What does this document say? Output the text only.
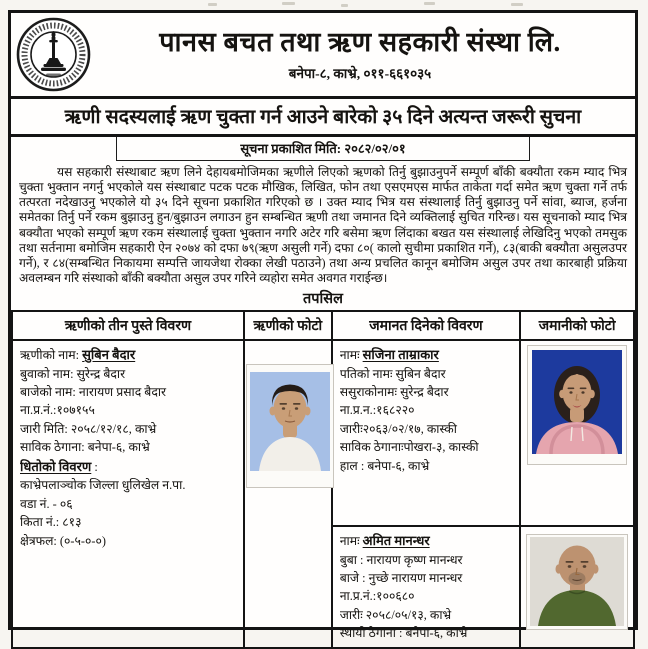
पानस बचत तथा ऋण सहकारी संस्था लि.
बनेपा-८, काभ्रे, ०११-६६१०३५
ऋणी सदस्यलाई ऋण चुक्ता गर्न आउने बारेको ३५ दिने अत्यन्त जरूरी सुचना
सूचना प्रकाशित मिति: २०८२/०२/०१
यस सहकारी संस्थाबाट ऋण लिने देहायबमोजिमका ऋणीले लिएको ऋणको तिर्नु बुझाउनुपर्ने सम्पूर्ण बाँकी बक्यौता रकम म्याद भित्र चुक्ता भुक्तान नगर्नु भएकोले यस संस्थाबाट पटक पटक मौखिक, लिखित, फोन तथा एसएमएस मार्फत ताकेता गर्दा समेत ऋण चुक्ता गर्ने तर्फ तत्परता नदेखाउनु भएकोले यो ३५ दिने सूचना प्रकाशित गरिएको छ । उक्त म्याद भित्र यस संस्थालाई तिर्नु बुझाउनु पर्ने सांवा, ब्याज, हर्जना समेतका तिर्नु पर्ने रकम बुझाउनु हुन/बुझाउन लगाउन हुन सम्बन्धित ऋणी तथा जमानत दिने व्यक्तिलाई सुचित गरिन्छ। यस सूचनाको म्याद भित्र बक्यौता भएको सम्पूर्ण ऋण रकम संस्थालाई चुक्ता भुक्तान नगरि अटेर गरि बसेमा ऋण लिंदाका बखत यस संस्थालाई लेखिदिनु भएको तमसुक तथा सर्तनामा बमोजिम सहकारी ऐन २०७४ को दफा ७९(ऋण असुली गर्ने) दफा ८०( कालो सुचीमा प्रकाशित गर्ने), ८३(बाकी बक्यौता असुलउपर गर्ने), र ८४(सम्बन्धित निकायमा सम्पत्ति जायजेथा रोक्का लेखी पठाउने) तथा अन्य प्रचलित कानून बमोजिम असुल उपर तथा कारबाही प्रक्रिया अवलम्बन गरि संस्थाको बाँकी बक्यौता असुल उपर गरिने व्यहोरा समेत अवगत गराईन्छ।
तपसिल
ऋणीको तीन पुस्ते विवरण	ऋणीको फोटो	जमानत दिनेको विवरण	जमानीको फोटो

ऋणीको नाम: सुबिन बैदार
बुवाको नाम: सुरेन्द्र बैदार
बाजेको नाम: नारायण प्रसाद बैदार
ना.प्र.नं.:१०७१५५
जारी मिति: २०५८/१२/१८, काभ्रे
साविक ठेगाना: बनेपा-६, काभ्रे
धितोको विवरण :
काभ्रेपलाञ्चोक जिल्ला धुलिखेल न.पा.
वडा नं. - ०६
किता नं.: ८१३
क्षेत्रफल: (०-५-०-०)

नामः सजिना ताम्राकार
पतिको नामः सुबिन बैदार
ससुराकोनामः सुरेन्द्र बैदार
ना.प्र.न.:१६८२२०
जारीः२०६३/०२/१७, कास्की
साविक ठेगानाःपोखरा-३, कास्की
हाल : बनेपा-६, काभ्रे

नामः अमित मानन्धर
बुबा : नारायण कृष्ण मानन्धर
बाजे : नुच्छे नारायण मानन्धर
ना.प्र.नं.:१००६८०
जारीः २०५८/०५/१३, काभ्रे
स्थायी ठेगाना : बनेपा-६, काभ्रे
